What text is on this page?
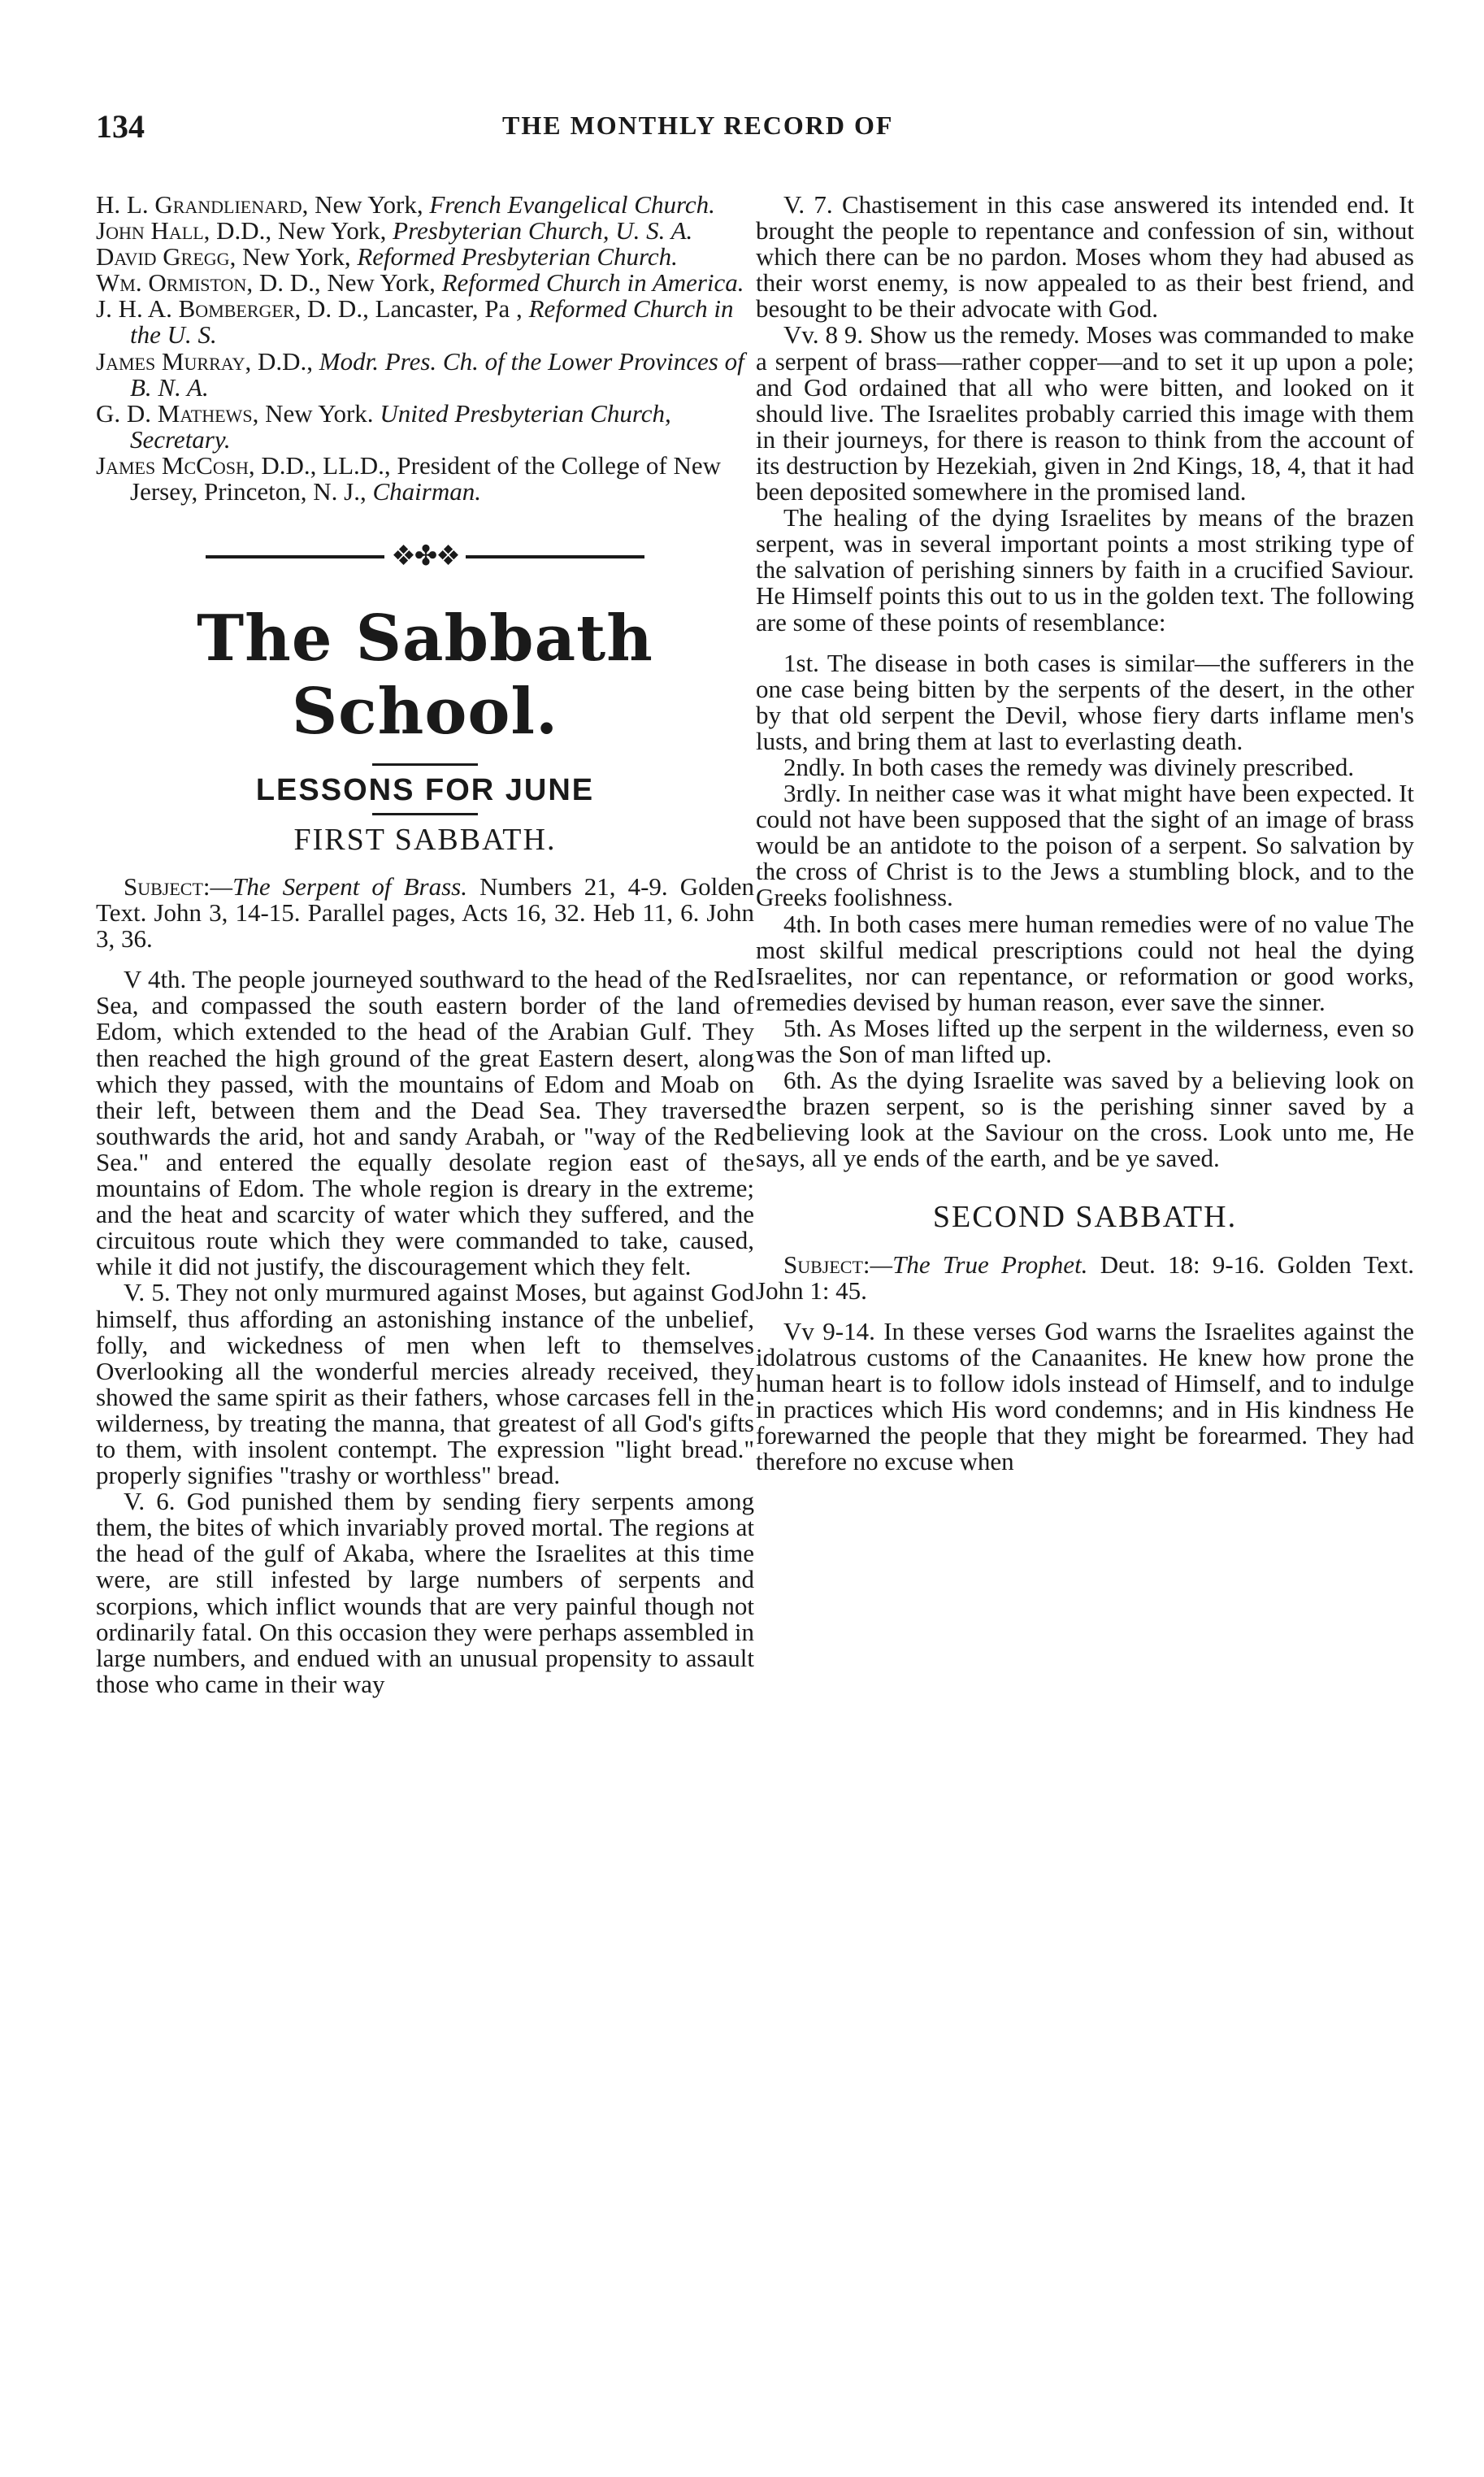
134	THE MONTHLY RECORD OF

H. L. Grandlienard, New York, French Evangelical Church.

John Hall, D.D., New York, Presbyterian Church, U. S. A.

David Gregg, New York, Reformed Presbyterian Church.

Wm. Ormiston, D. D., New York, Reformed Church in America.

J. H. A. Bomberger, D. D., Lancaster, Pa , Reformed Church in the U. S.

James Murray, D.D., Modr. Pres. Ch. of the Lower Provinces of B. N. A.

G. D. Mathews, New York. United Presbyterian Church, Secretary.

James McCosh, D.D., LL.D., President of the College of New Jersey, Princeton, N. J., Chairman.

❖✤❖
The Sabbath School.
LESSONS FOR JUNE
FIRST SABBATH.

Subject:—The Serpent of Brass. Numbers 21, 4-9. Golden Text. John 3, 14-15. Parallel pages, Acts 16, 32. Heb 11, 6. John 3, 36.

V 4th. The people journeyed southward to the head of the Red Sea, and compassed the south eastern border of the land of Edom, which extended to the head of the Arabian Gulf. They then reached the high ground of the great Eastern desert, along which they passed, with the mountains of Edom and Moab on their left, between them and the Dead Sea. They traversed southwards the arid, hot and sandy Arabah, or "way of the Red Sea." and entered the equally desolate region east of the mountains of Edom. The whole region is dreary in the extreme; and the heat and scarcity of water which they suffered, and the circuitous route which they were commanded to take, caused, while it did not justify, the discouragement which they felt.

V. 5. They not only murmured against Moses, but against God himself, thus affording an astonishing instance of the unbelief, folly, and wickedness of men when left to themselves Overlooking all the wonderful mercies already received, they showed the same spirit as their fathers, whose carcases fell in the wilderness, by treating the manna, that greatest of all God's gifts to them, with insolent contempt. The expression "light bread." properly signifies "trashy or worthless" bread.

V. 6. God punished them by sending fiery serpents among them, the bites of which invariably proved mortal. The regions at the head of the gulf of Akaba, where the Israelites at this time were, are still infested by large numbers of serpents and scorpions, which inflict wounds that are very painful though not ordinarily fatal. On this occasion they were perhaps assembled in large numbers, and endued with an unusual propensity to assault those who came in their way

V. 7. Chastisement in this case answered its intended end. It brought the people to repentance and confession of sin, without which there can be no pardon. Moses whom they had abused as their worst enemy, is now appealed to as their best friend, and besought to be their advocate with God.

Vv. 8 9. Show us the remedy. Moses was commanded to make a serpent of brass—rather copper—and to set it up upon a pole; and God ordained that all who were bitten, and looked on it should live. The Israelites probably carried this image with them in their journeys, for there is reason to think from the account of its destruction by Hezekiah, given in 2nd Kings, 18, 4, that it had been deposited somewhere in the promised land.

The healing of the dying Israelites by means of the brazen serpent, was in several important points a most striking type of the salvation of perishing sinners by faith in a crucified Saviour. He Himself points this out to us in the golden text. The following are some of these points of resemblance:

1st. The disease in both cases is similar—the sufferers in the one case being bitten by the serpents of the desert, in the other by that old serpent the Devil, whose fiery darts inflame men's lusts, and bring them at last to everlasting death.

2ndly. In both cases the remedy was divinely prescribed.

3rdly. In neither case was it what might have been expected. It could not have been supposed that the sight of an image of brass would be an antidote to the poison of a serpent. So salvation by the cross of Christ is to the Jews a stumbling block, and to the Greeks foolishness.

4th. In both cases mere human remedies were of no value The most skilful medical prescriptions could not heal the dying Israelites, nor can repentance, or reformation or good works, remedies devised by human reason, ever save the sinner.

5th. As Moses lifted up the serpent in the wilderness, even so was the Son of man lifted up.

6th. As the dying Israelite was saved by a believing look on the brazen serpent, so is the perishing sinner saved by a believing look at the Saviour on the cross. Look unto me, He says, all ye ends of the earth, and be ye saved.

SECOND SABBATH.

Subject:—The True Prophet. Deut. 18: 9-16. Golden Text. John 1: 45.

Vv 9-14. In these verses God warns the Israelites against the idolatrous customs of the Canaanites. He knew how prone the human heart is to follow idols instead of Himself, and to indulge in practices which His word condemns; and in His kindness He forewarned the people that they might be forearmed. They had therefore no excuse when
